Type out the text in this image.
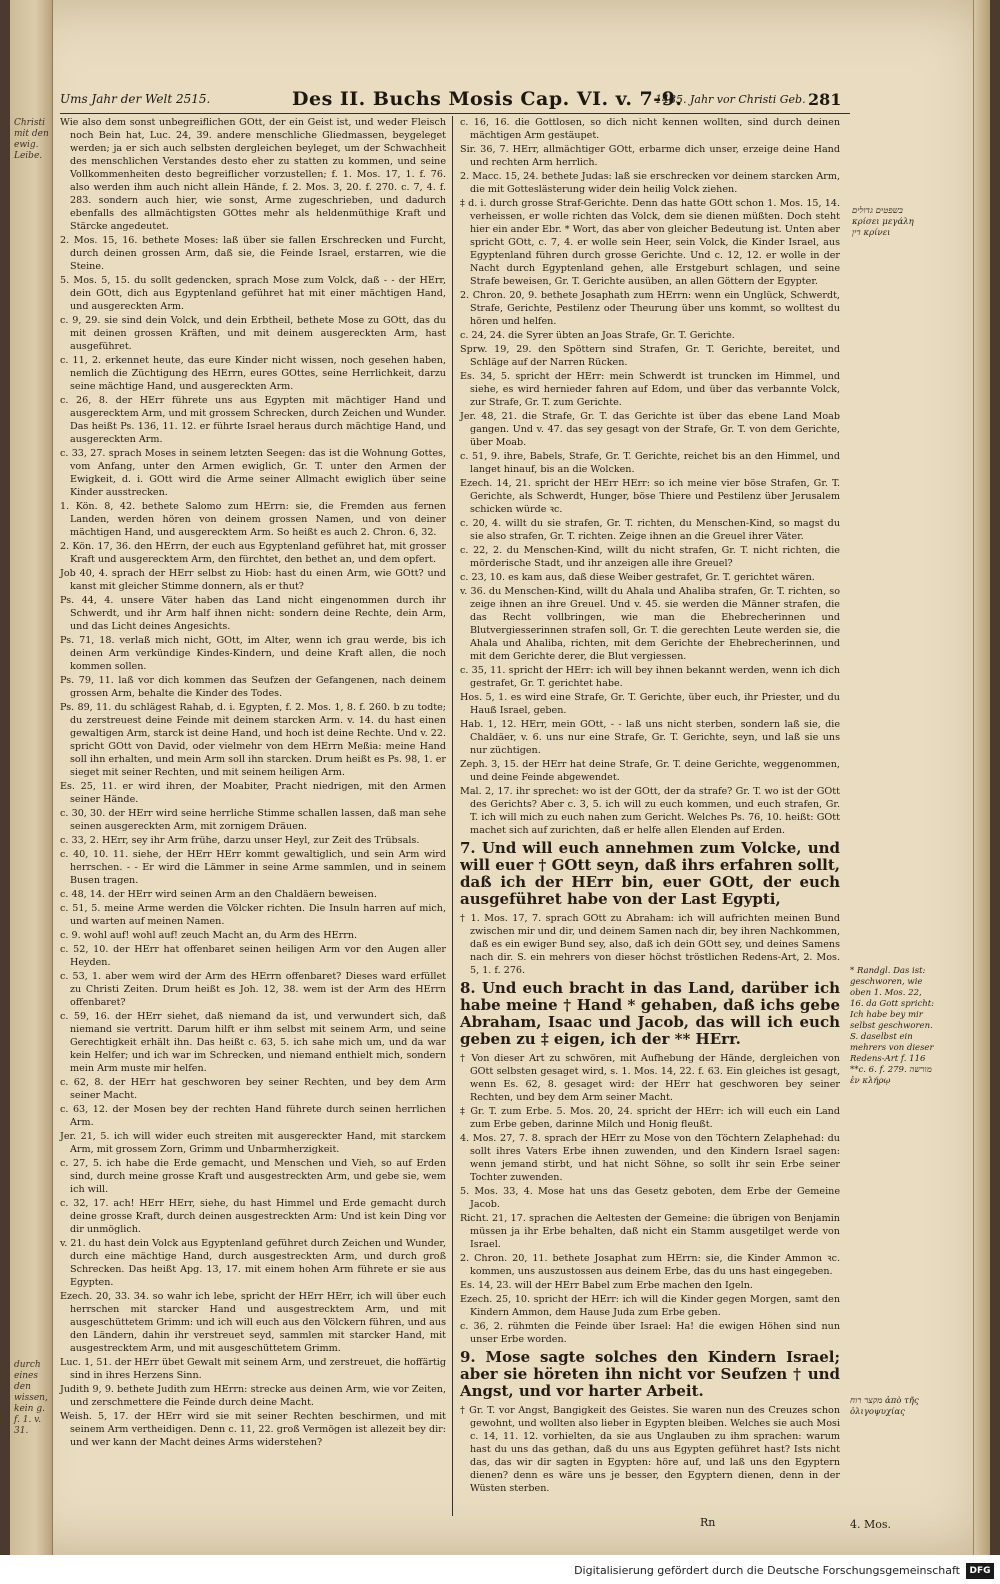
Christi mit den ewig. Leibe.
durch eines den wissen, kein g. f. 1. v. 31.
Ums Jahr der Welt 2515.	Des II. Buchs Mosis Cap. VI. v. 7-9.
1485. Jahr vor Christi Geb. 281

Wie also dem sonst unbegreiflichen GOtt, der ein Geist ist, und weder Fleisch noch Bein hat, Luc. 24, 39. andere menschliche Gliedmassen, beygeleget werden; ja er sich auch selbsten dergleichen beyleget, um der Schwachheit des menschlichen Verstandes desto eher zu statten zu kommen, und seine Vollkommenheiten desto begreiflicher vorzustellen; f. 1. Mos. 17, 1. f. 76. also werden ihm auch nicht allein Hände, f. 2. Mos. 3, 20. f. 270. c. 7, 4. f. 283. sondern auch hier, wie sonst, Arme zugeschrieben, und dadurch ebenfalls des allmächtigsten GOttes mehr als heldenmüthige Kraft und Stärcke angedeutet.

2. Mos. 15, 16. bethete Moses: laß über sie fallen Erschrecken und Furcht, durch deinen grossen Arm, daß sie, die Feinde Israel, erstarren, wie die Steine.

5. Mos. 5, 15. du sollt gedencken, sprach Mose zum Volck, daß - - der HErr, dein GOtt, dich aus Egyptenland geführet hat mit einer mächtigen Hand, und ausgereckten Arm.

c. 9, 29. sie sind dein Volck, und dein Erbtheil, bethete Mose zu GOtt, das du mit deinen grossen Kräften, und mit deinem ausgereckten Arm, hast ausgeführet.

c. 11, 2. erkennet heute, das eure Kinder nicht wissen, noch gesehen haben, nemlich die Züchtigung des HErrn, eures GOttes, seine Herrlichkeit, darzu seine mächtige Hand, und ausgereckten Arm.

c. 26, 8. der HErr führete uns aus Egypten mit mächtiger Hand und ausgerecktem Arm, und mit grossem Schrecken, durch Zeichen und Wunder. Das heißt Ps. 136, 11. 12. er führte Israel heraus durch mächtige Hand, und ausgereckten Arm.

c. 33, 27. sprach Moses in seinem letzten Seegen: das ist die Wohnung Gottes, vom Anfang, unter den Armen ewiglich, Gr. T. unter den Armen der Ewigkeit, d. i. GOtt wird die Arme seiner Allmacht ewiglich über seine Kinder ausstrecken.

1. Kön. 8, 42. bethete Salomo zum HErrn: sie, die Fremden aus fernen Landen, werden hören von deinem grossen Namen, und von deiner mächtigen Hand, und ausgerecktem Arm. So heißt es auch 2. Chron. 6, 32.

2. Kön. 17, 36. den HErrn, der euch aus Egyptenland geführet hat, mit grosser Kraft und ausgerecktem Arm, den fürchtet, den bethet an, und dem opfert.

Job 40, 4. sprach der HErr selbst zu Hiob: hast du einen Arm, wie GOtt? und kanst mit gleicher Stimme donnern, als er thut?

Ps. 44, 4. unsere Väter haben das Land nicht eingenommen durch ihr Schwerdt, und ihr Arm half ihnen nicht: sondern deine Rechte, dein Arm, und das Licht deines Angesichts.

Ps. 71, 18. verlaß mich nicht, GOtt, im Alter, wenn ich grau werde, bis ich deinen Arm verkündige Kindes-Kindern, und deine Kraft allen, die noch kommen sollen.

Ps. 79, 11. laß vor dich kommen das Seufzen der Gefangenen, nach deinem grossen Arm, behalte die Kinder des Todes.

Ps. 89, 11. du schlägest Rahab, d. i. Egypten, f. 2. Mos. 1, 8. f. 260. b zu todte; du zerstreuest deine Feinde mit deinem starcken Arm. v. 14. du hast einen gewaltigen Arm, starck ist deine Hand, und hoch ist deine Rechte. Und v. 22. spricht GOtt von David, oder vielmehr von dem HErrn Meßia: meine Hand soll ihn erhalten, und mein Arm soll ihn starcken. Drum heißt es Ps. 98, 1. er sieget mit seiner Rechten, und mit seinem heiligen Arm.

Es. 25, 11. er wird ihren, der Moabiter, Pracht niedrigen, mit den Armen seiner Hände.

c. 30, 30. der HErr wird seine herrliche Stimme schallen lassen, daß man sehe seinen ausgereckten Arm, mit zornigem Dräuen.

c. 33, 2. HErr, sey ihr Arm frühe, darzu unser Heyl, zur Zeit des Trübsals.

c. 40, 10. 11. siehe, der HErr HErr kommt gewaltiglich, und sein Arm wird herrschen. - - Er wird die Lämmer in seine Arme sammlen, und in seinem Busen tragen.

c. 48, 14. der HErr wird seinen Arm an den Chaldäern beweisen.

c. 51, 5. meine Arme werden die Völcker richten. Die Insuln harren auf mich, und warten auf meinen Namen.

c. 9. wohl auf! wohl auf! zeuch Macht an, du Arm des HErrn.

c. 52, 10. der HErr hat offenbaret seinen heiligen Arm vor den Augen aller Heyden.

c. 53, 1. aber wem wird der Arm des HErrn offenbaret? Dieses ward erfüllet zu Christi Zeiten. Drum heißt es Joh. 12, 38. wem ist der Arm des HErrn offenbaret?

c. 59, 16. der HErr siehet, daß niemand da ist, und verwundert sich, daß niemand sie vertritt. Darum hilft er ihm selbst mit seinem Arm, und seine Gerechtigkeit erhält ihn. Das heißt c. 63, 5. ich sahe mich um, und da war kein Helfer; und ich war im Schrecken, und niemand enthielt mich, sondern mein Arm muste mir helfen.

c. 62, 8. der HErr hat geschworen bey seiner Rechten, und bey dem Arm seiner Macht.

c. 63, 12. der Mosen bey der rechten Hand führete durch seinen herrlichen Arm.

Jer. 21, 5. ich will wider euch streiten mit ausgereckter Hand, mit starckem Arm, mit grossem Zorn, Grimm und Unbarmherzigkeit.

c. 27, 5. ich habe die Erde gemacht, und Menschen und Vieh, so auf Erden sind, durch meine grosse Kraft und ausgestreckten Arm, und gebe sie, wem ich will.

c. 32, 17. ach! HErr HErr, siehe, du hast Himmel und Erde gemacht durch deine grosse Kraft, durch deinen ausgestreckten Arm: Und ist kein Ding vor dir unmöglich.

v. 21. du hast dein Volck aus Egyptenland geführet durch Zeichen und Wunder, durch eine mächtige Hand, durch ausgestreckten Arm, und durch groß Schrecken. Das heißt Apg. 13, 17. mit einem hohen Arm führete er sie aus Egypten.

Ezech. 20, 33. 34. so wahr ich lebe, spricht der HErr HErr, ich will über euch herrschen mit starcker Hand und ausgestrecktem Arm, und mit ausgeschüttetem Grimm: und ich will euch aus den Völckern führen, und aus den Ländern, dahin ihr verstreuet seyd, sammlen mit starcker Hand, mit ausgestrecktem Arm, und mit ausgeschüttetem Grimm.

Luc. 1, 51. der HErr übet Gewalt mit seinem Arm, und zerstreuet, die hoffärtig sind in ihres Herzens Sinn.

Judith 9, 9. bethete Judith zum HErrn: strecke aus deinen Arm, wie vor Zeiten, und zerschmettere die Feinde durch deine Macht.

Weish. 5, 17. der HErr wird sie mit seiner Rechten beschirmen, und mit seinem Arm vertheidigen. Denn c. 11, 22. groß Vermögen ist allezeit bey dir: und wer kann der Macht deines Arms widerstehen?

c. 16, 16. die Gottlosen, so dich nicht kennen wollten, sind durch deinen mächtigen Arm gestäupet.

Sir. 36, 7. HErr, allmächtiger GOtt, erbarme dich unser, erzeige deine Hand und rechten Arm herrlich.

2. Macc. 15, 24. bethete Judas: laß sie erschrecken vor deinem starcken Arm, die mit Gotteslästerung wider dein heilig Volck ziehen.

‡ d. i. durch grosse Straf-Gerichte. Denn das hatte GOtt schon 1. Mos. 15, 14. verheissen, er wolle richten das Volck, dem sie dienen müßten. Doch steht hier ein ander Ebr. * Wort, das aber von gleicher Bedeutung ist. Unten aber spricht GOtt, c. 7, 4. er wolle sein Heer, sein Volck, die Kinder Israel, aus Egyptenland führen durch grosse Gerichte. Und c. 12, 12. er wolle in der Nacht durch Egyptenland gehen, alle Erstgeburt schlagen, und seine Strafe beweisen, Gr. T. Gerichte ausüben, an allen Göttern der Egypter.

2. Chron. 20, 9. bethete Josaphath zum HErrn: wenn ein Unglück, Schwerdt, Strafe, Gerichte, Pestilenz oder Theurung über uns kommt, so wolltest du hören und helfen.

c. 24, 24. die Syrer übten an Joas Strafe, Gr. T. Gerichte.

Sprw. 19, 29. den Spöttern sind Strafen, Gr. T. Gerichte, bereitet, und Schläge auf der Narren Rücken.

Es. 34, 5. spricht der HErr: mein Schwerdt ist truncken im Himmel, und siehe, es wird hernieder fahren auf Edom, und über das verbannte Volck, zur Strafe, Gr. T. zum Gerichte.

Jer. 48, 21. die Strafe, Gr. T. das Gerichte ist über das ebene Land Moab gangen. Und v. 47. das sey gesagt von der Strafe, Gr. T. von dem Gerichte, über Moab.

c. 51, 9. ihre, Babels, Strafe, Gr. T. Gerichte, reichet bis an den Himmel, und langet hinauf, bis an die Wolcken.

Ezech. 14, 21. spricht der HErr HErr: so ich meine vier böse Strafen, Gr. T. Gerichte, als Schwerdt, Hunger, böse Thiere und Pestilenz über Jerusalem schicken würde ꝛc.

c. 20, 4. willt du sie strafen, Gr. T. richten, du Menschen-Kind, so magst du sie also strafen, Gr. T. richten. Zeige ihnen an die Greuel ihrer Väter.

c. 22, 2. du Menschen-Kind, willt du nicht strafen, Gr. T. nicht richten, die mörderische Stadt, und ihr anzeigen alle ihre Greuel?

c. 23, 10. es kam aus, daß diese Weiber gestrafet, Gr. T. gerichtet wären.

v. 36. du Menschen-Kind, willt du Ahala und Ahaliba strafen, Gr. T. richten, so zeige ihnen an ihre Greuel. Und v. 45. sie werden die Männer strafen, die das Recht vollbringen, wie man die Ehebrecherinnen und Blutvergiesserinnen strafen soll, Gr. T. die gerechten Leute werden sie, die Ahala und Ahaliba, richten, mit dem Gerichte der Ehebrecherinnen, und mit dem Gerichte derer, die Blut vergiessen.

c. 35, 11. spricht der HErr: ich will bey ihnen bekannt werden, wenn ich dich gestrafet, Gr. T. gerichtet habe.

Hos. 5, 1. es wird eine Strafe, Gr. T. Gerichte, über euch, ihr Priester, und du Hauß Israel, geben.

Hab. 1, 12. HErr, mein GOtt, - - laß uns nicht sterben, sondern laß sie, die Chaldäer, v. 6. uns nur eine Strafe, Gr. T. Gerichte, seyn, und laß sie uns nur züchtigen.

Zeph. 3, 15. der HErr hat deine Strafe, Gr. T. deine Gerichte, weggenommen, und deine Feinde abgewendet.

Mal. 2, 17. ihr sprechet: wo ist der GOtt, der da strafe? Gr. T. wo ist der GOtt des Gerichts? Aber c. 3, 5. ich will zu euch kommen, und euch strafen, Gr. T. ich will mich zu euch nahen zum Gericht. Welches Ps. 76, 10. heißt: GOtt machet sich auf zurichten, daß er helfe allen Elenden auf Erden.

7. Und will euch annehmen zum Volcke, und will euer † GOtt seyn, daß ihrs erfahren sollt, daß ich der HErr bin, euer GOtt, der euch ausgeführet habe von der Last Egypti,

† 1. Mos. 17, 7. sprach GOtt zu Abraham: ich will aufrichten meinen Bund zwischen mir und dir, und deinem Samen nach dir, bey ihren Nachkommen, daß es ein ewiger Bund sey, also, daß ich dein GOtt sey, und deines Samens nach dir. S. ein mehrers von dieser höchst tröstlichen Redens-Art, 2. Mos. 5, 1. f. 276.

8. Und euch bracht in das Land, darüber ich habe meine † Hand * gehaben, daß ichs gebe Abraham, Isaac und Jacob, das will ich euch geben zu ‡ eigen, ich der ** HErr.

† Von dieser Art zu schwören, mit Aufhebung der Hände, dergleichen von GOtt selbsten gesaget wird, s. 1. Mos. 14, 22. f. 63. Ein gleiches ist gesagt, wenn Es. 62, 8. gesaget wird: der HErr hat geschworen bey seiner Rechten, und bey dem Arm seiner Macht.

‡ Gr. T. zum Erbe. 5. Mos. 20, 24. spricht der HErr: ich will euch ein Land zum Erbe geben, darinne Milch und Honig fleußt.

4. Mos. 27, 7. 8. sprach der HErr zu Mose von den Töchtern Zelaphehad: du sollt ihres Vaters Erbe ihnen zuwenden, und den Kindern Israel sagen: wenn jemand stirbt, und hat nicht Söhne, so sollt ihr sein Erbe seiner Tochter zuwenden.

5. Mos. 33, 4. Mose hat uns das Gesetz geboten, dem Erbe der Gemeine Jacob.

Richt. 21, 17. sprachen die Aeltesten der Gemeine: die übrigen von Benjamin müssen ja ihr Erbe behalten, daß nicht ein Stamm ausgetilget werde von Israel.

2. Chron. 20, 11. bethete Josaphat zum HErrn: sie, die Kinder Ammon ꝛc. kommen, uns auszustossen aus deinem Erbe, das du uns hast eingegeben.

Es. 14, 23. will der HErr Babel zum Erbe machen den Igeln.

Ezech. 25, 10. spricht der HErr: ich will die Kinder gegen Morgen, samt den Kindern Ammon, dem Hause Juda zum Erbe geben.

c. 36, 2. rühmten die Feinde über Israel: Ha! die ewigen Höhen sind nun unser Erbe worden.

9. Mose sagte solches den Kindern Israel; aber sie höreten ihn nicht vor Seufzen † und Angst, und vor harter Arbeit.

† Gr. T. vor Angst, Bangigkeit des Geistes. Sie waren nun des Creuzes schon gewohnt, und wollten also lieber in Egypten bleiben. Welches sie auch Mosi c. 14, 11. 12. vorhielten, da sie aus Unglauben zu ihm sprachen: warum hast du uns das gethan, daß du uns aus Egypten geführet hast? Ists nicht das, das wir dir sagten in Egypten: höre auf, und laß uns den Egyptern dienen? denn es wäre uns je besser, den Egyptern dienen, denn in der Wüsten sterben.

בשפטים גדולים κρίσει μεγάλη דין κρίνει
* Randgl. Das ist: geschworen, wie oben 1. Mos. 22, 16. da Gott spricht: Ich habe bey mir selbst geschworen. S. daselbst ein mehrers von dieser Redens-Art f. 116 **c. 6. f. 279. מורשה ἐν κλήρῳ
מקצר רוח ἀπὸ τῆς ὀλιγοψυχίας
Rn	4. Mos.
Digitalisierung gefördert durch die Deutsche Forschungsgemeinschaft	DFG
